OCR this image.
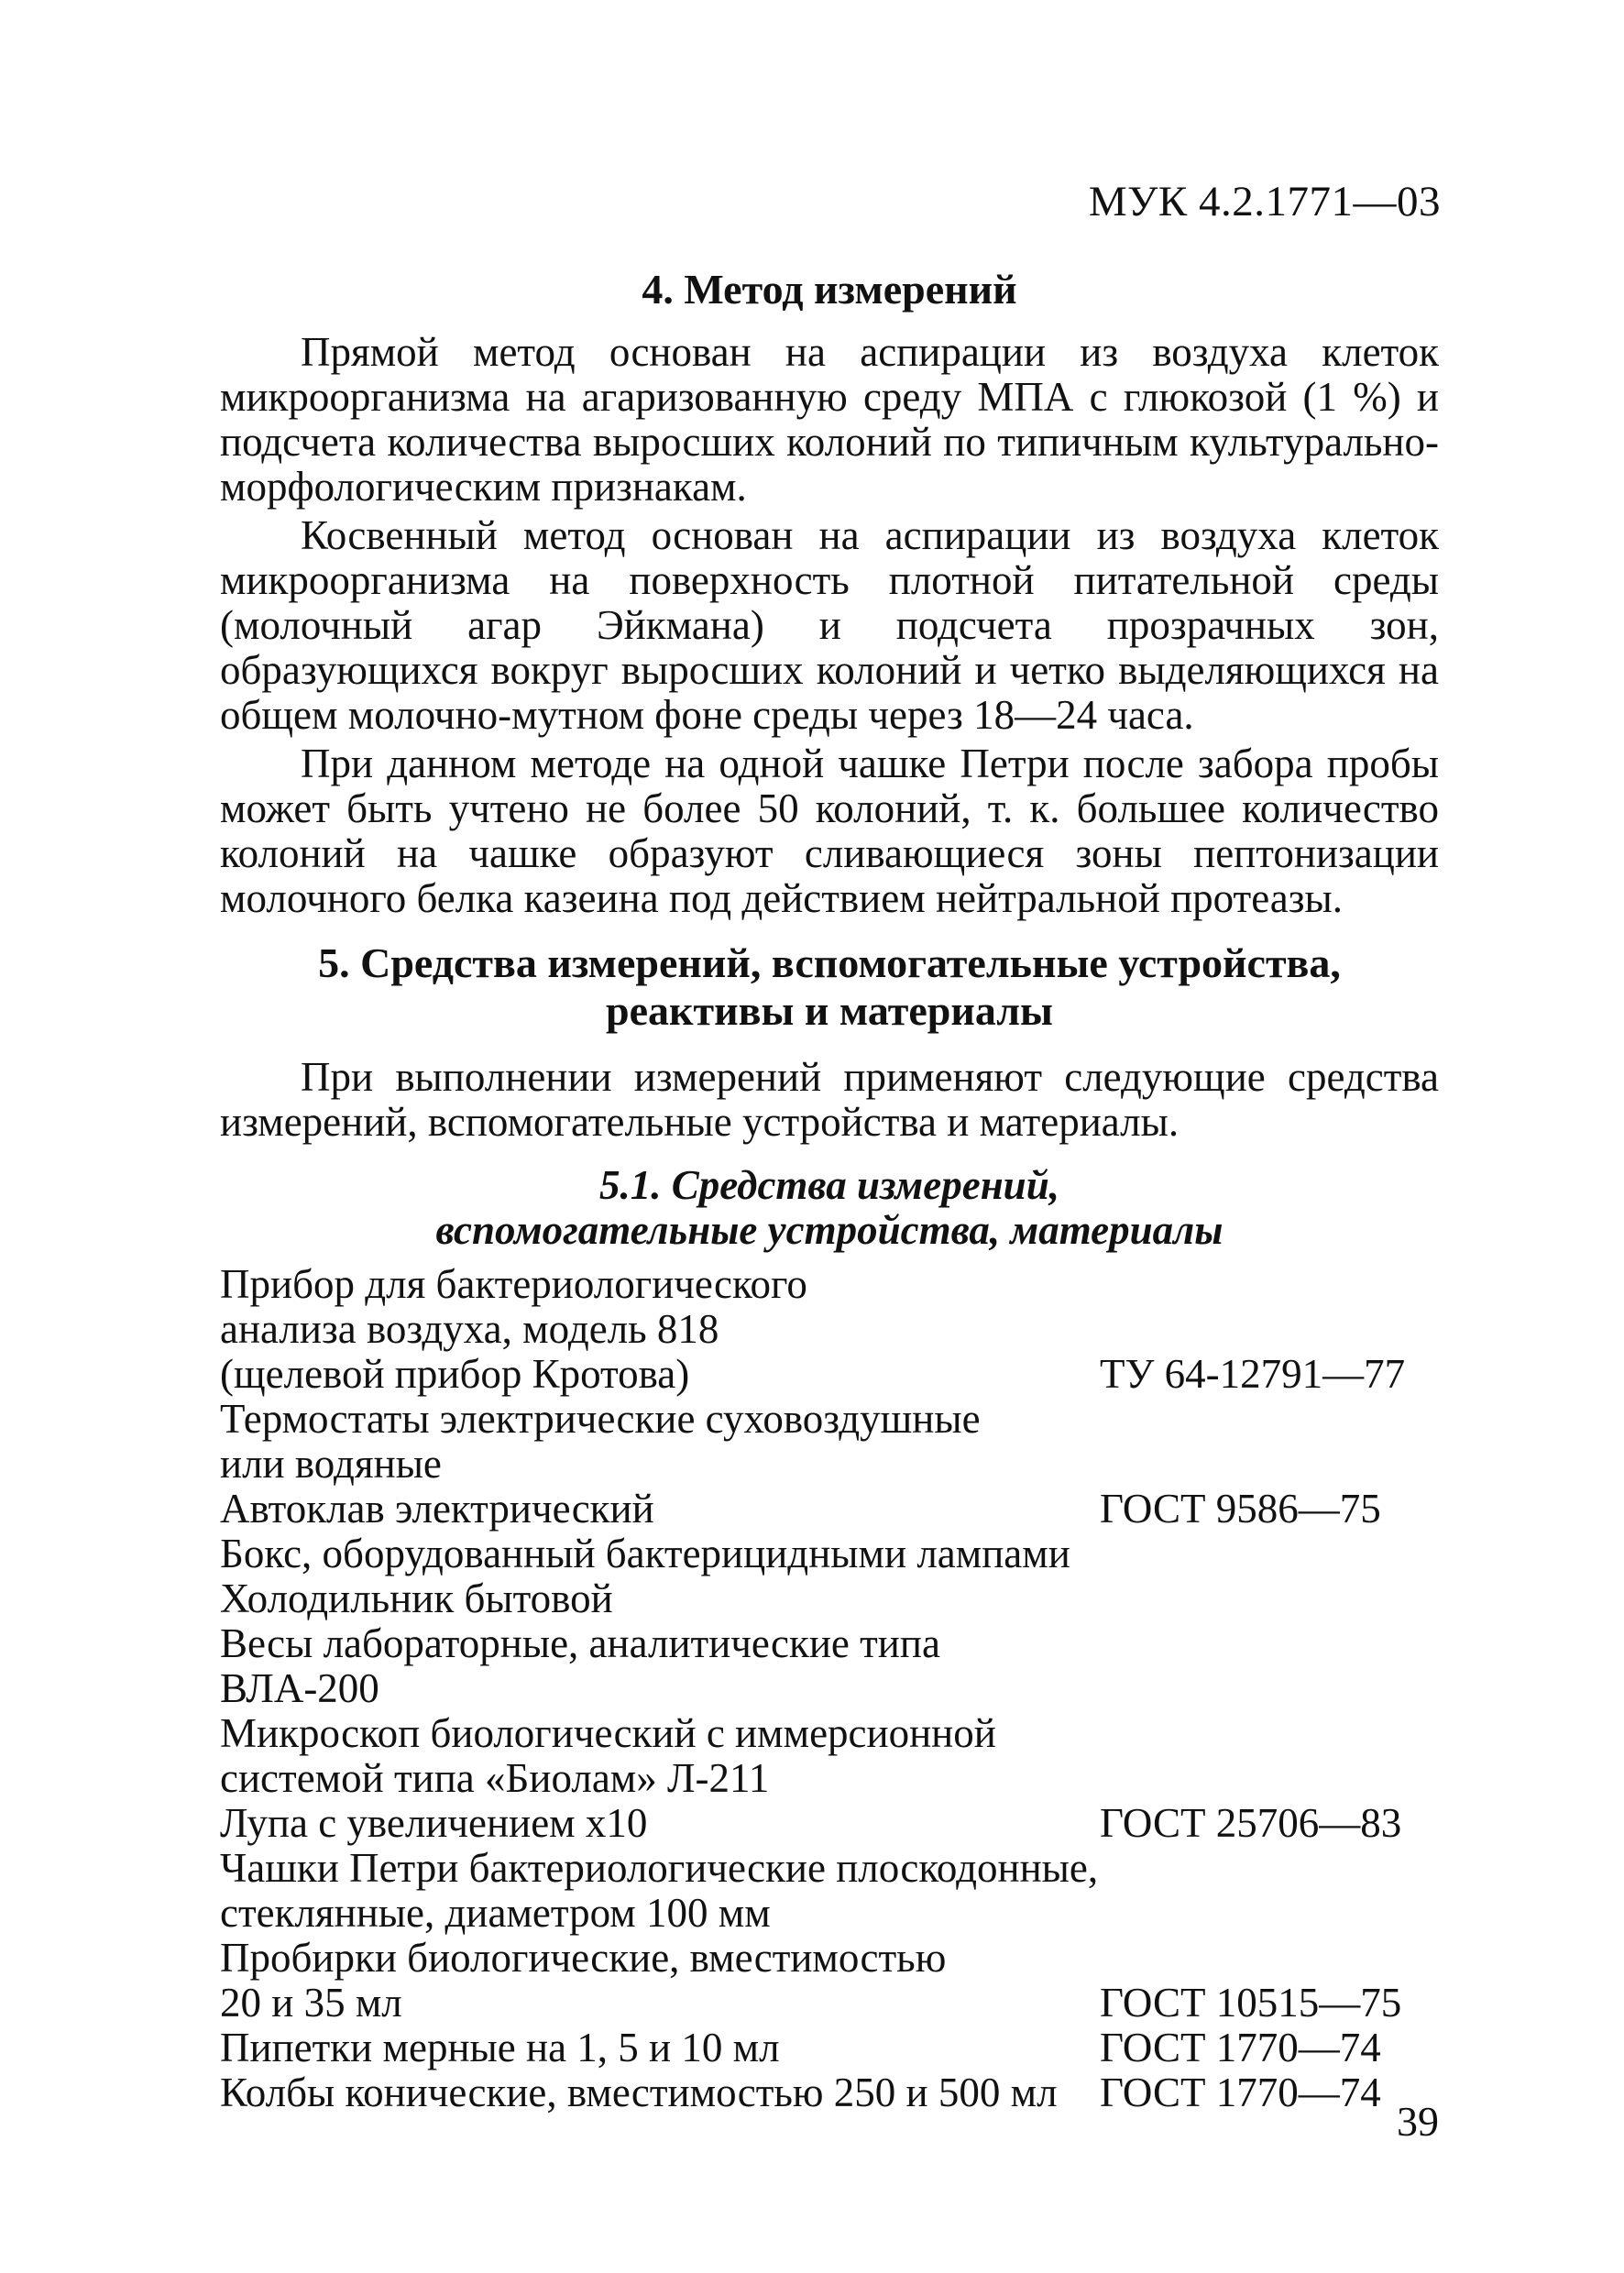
МУК 4.2.1771—03
4. Метод измерений

Прямой метод основан на аспирации из воздуха клеток микроорганизма на агаризованную среду МПА с глюкозой (1 %) и подсчета количества выросших колоний по типичным культурально-морфологическим признакам.

Косвенный метод основан на аспирации из воздуха клеток микроорганизма на поверхность плотной питательной среды (молочный агар Эйкмана) и подсчета прозрачных зон, образующихся вокруг выросших колоний и четко выделяющихся на общем молочно-мутном фоне среды через 18—24 часа.

При данном методе на одной чашке Петри после забора пробы может быть учтено не более 50 колоний, т. к. большее количество колоний на чашке образуют сливающиеся зоны пептонизации молочного белка казеина под действием нейтральной протеазы.

5. Средства измерений, вспомогательные устройства,
реактивы и материалы

При выполнении измерений применяют следующие средства измерений, вспомогательные устройства и материалы.

5.1. Средства измерений,
вспомогательные устройства, материалы
Прибор для бактериологического
анализа воздуха, модель 818
(щелевой прибор Кротова)	ТУ 64-12791—77
Термостаты электрические суховоздушные
или водяные
Автоклав электрический	ГОСТ 9586—75
Бокс, оборудованный бактерицидными лампами
Холодильник бытовой
Весы лабораторные, аналитические типа ВЛА-200
Микроскоп биологический с иммерсионной
системой типа «Биолам» Л-211
Лупа с увеличением х10	ГОСТ 25706—83
Чашки Петри бактериологические плоскодонные,
стеклянные, диаметром 100 мм
Пробирки биологические, вместимостью
20 и 35 мл	ГОСТ 10515—75
Пипетки мерные на 1, 5 и 10 мл	ГОСТ 1770—74
Колбы конические, вместимостью 250 и 500 мл	ГОСТ 1770—74
39
